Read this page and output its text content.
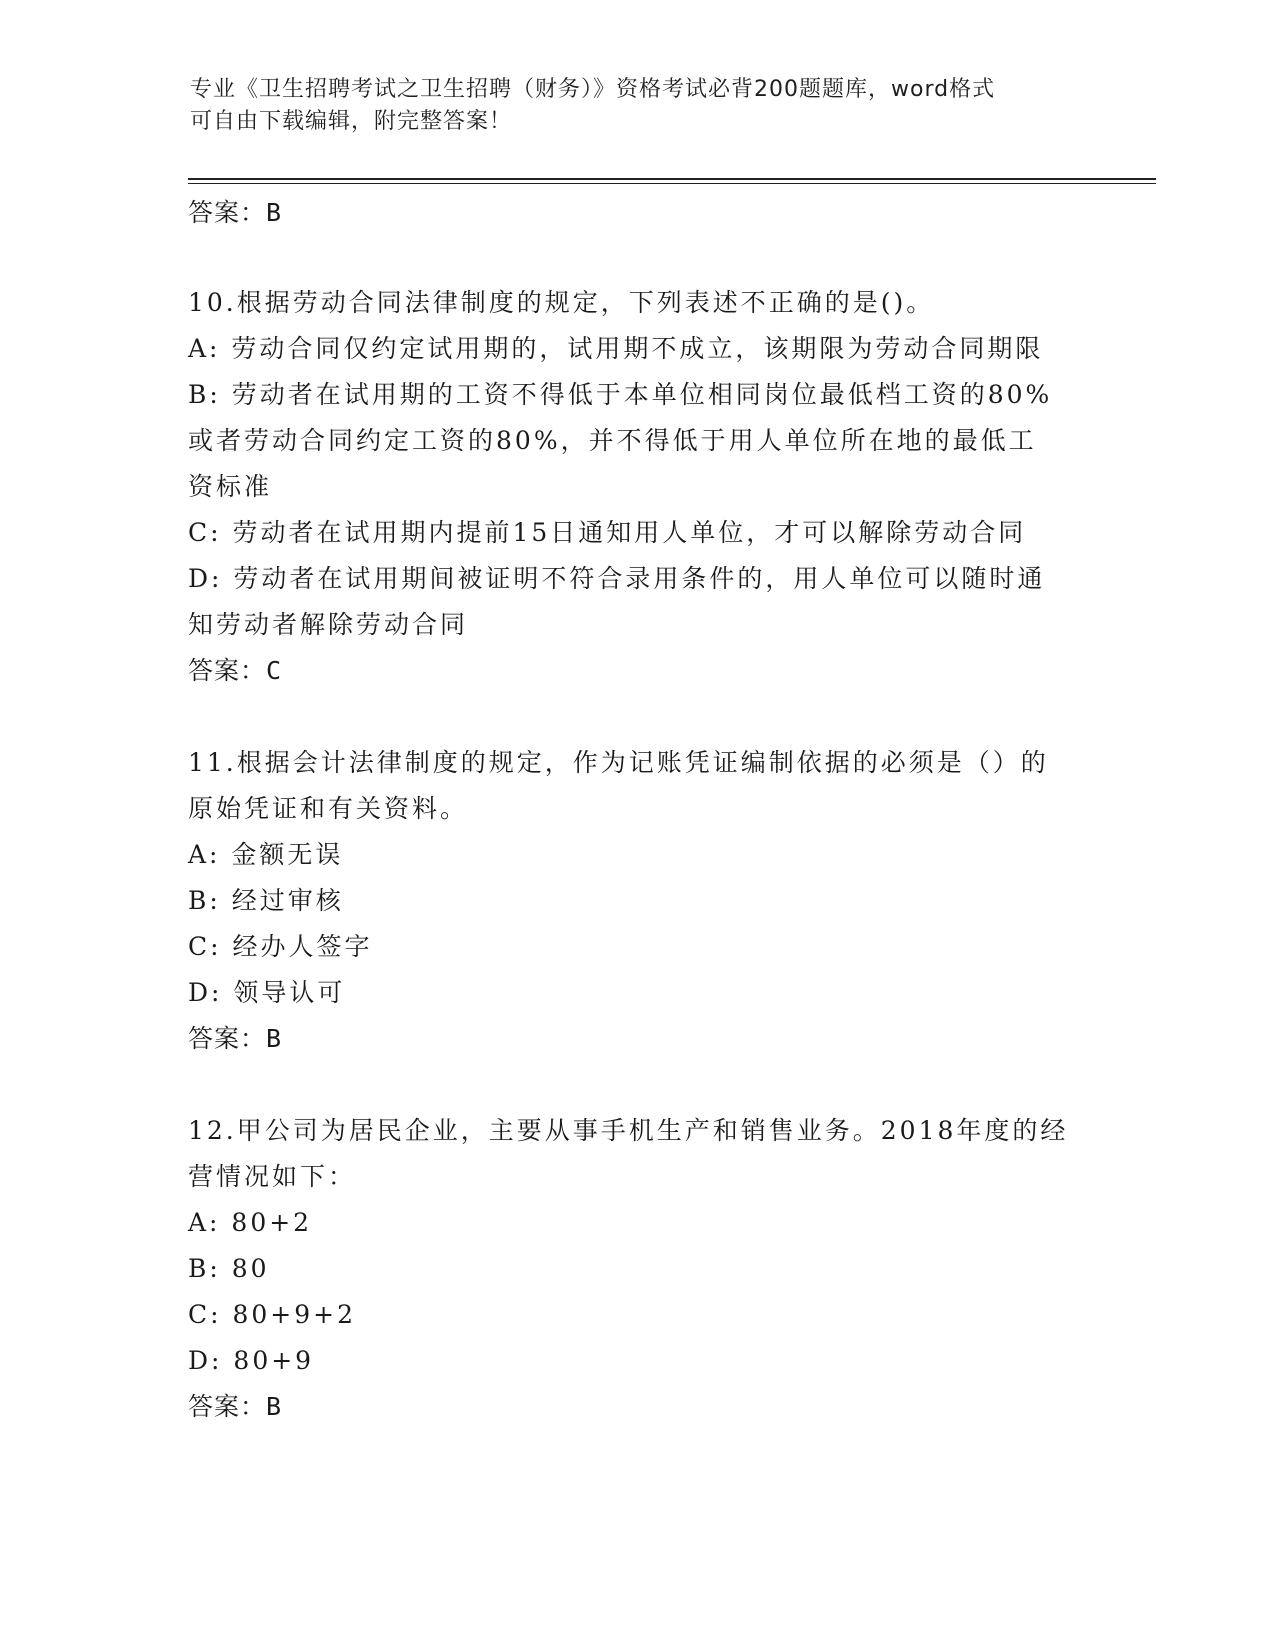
专业《卫生招聘考试之卫生招聘（财务）》资格考试必背200题题库，word格式
可自由下载编辑，附完整答案！
答案： B
10.根据劳动合同法律制度的规定，下列表述不正确的是()。
A: 劳动合同仅约定试用期的，试用期不成立，该期限为劳动合同期限
B: 劳动者在试用期的工资不得低于本单位相同岗位最低档工资的80%
或者劳动合同约定工资的80%，并不得低于用人单位所在地的最低工
资标准
C: 劳动者在试用期内提前15日通知用人单位，才可以解除劳动合同
D: 劳动者在试用期间被证明不符合录用条件的，用人单位可以随时通
知劳动者解除劳动合同
答案： C
11.根据会计法律制度的规定，作为记账凭证编制依据的必须是（）的
原始凭证和有关资料。
A: 金额无误
B: 经过审核
C: 经办人签字
D: 领导认可
答案： B
12.甲公司为居民企业，主要从事手机生产和销售业务。2018年度的经
营情况如下：
A: 80+2
B: 80
C: 80+9+2
D: 80+9
答案： B
